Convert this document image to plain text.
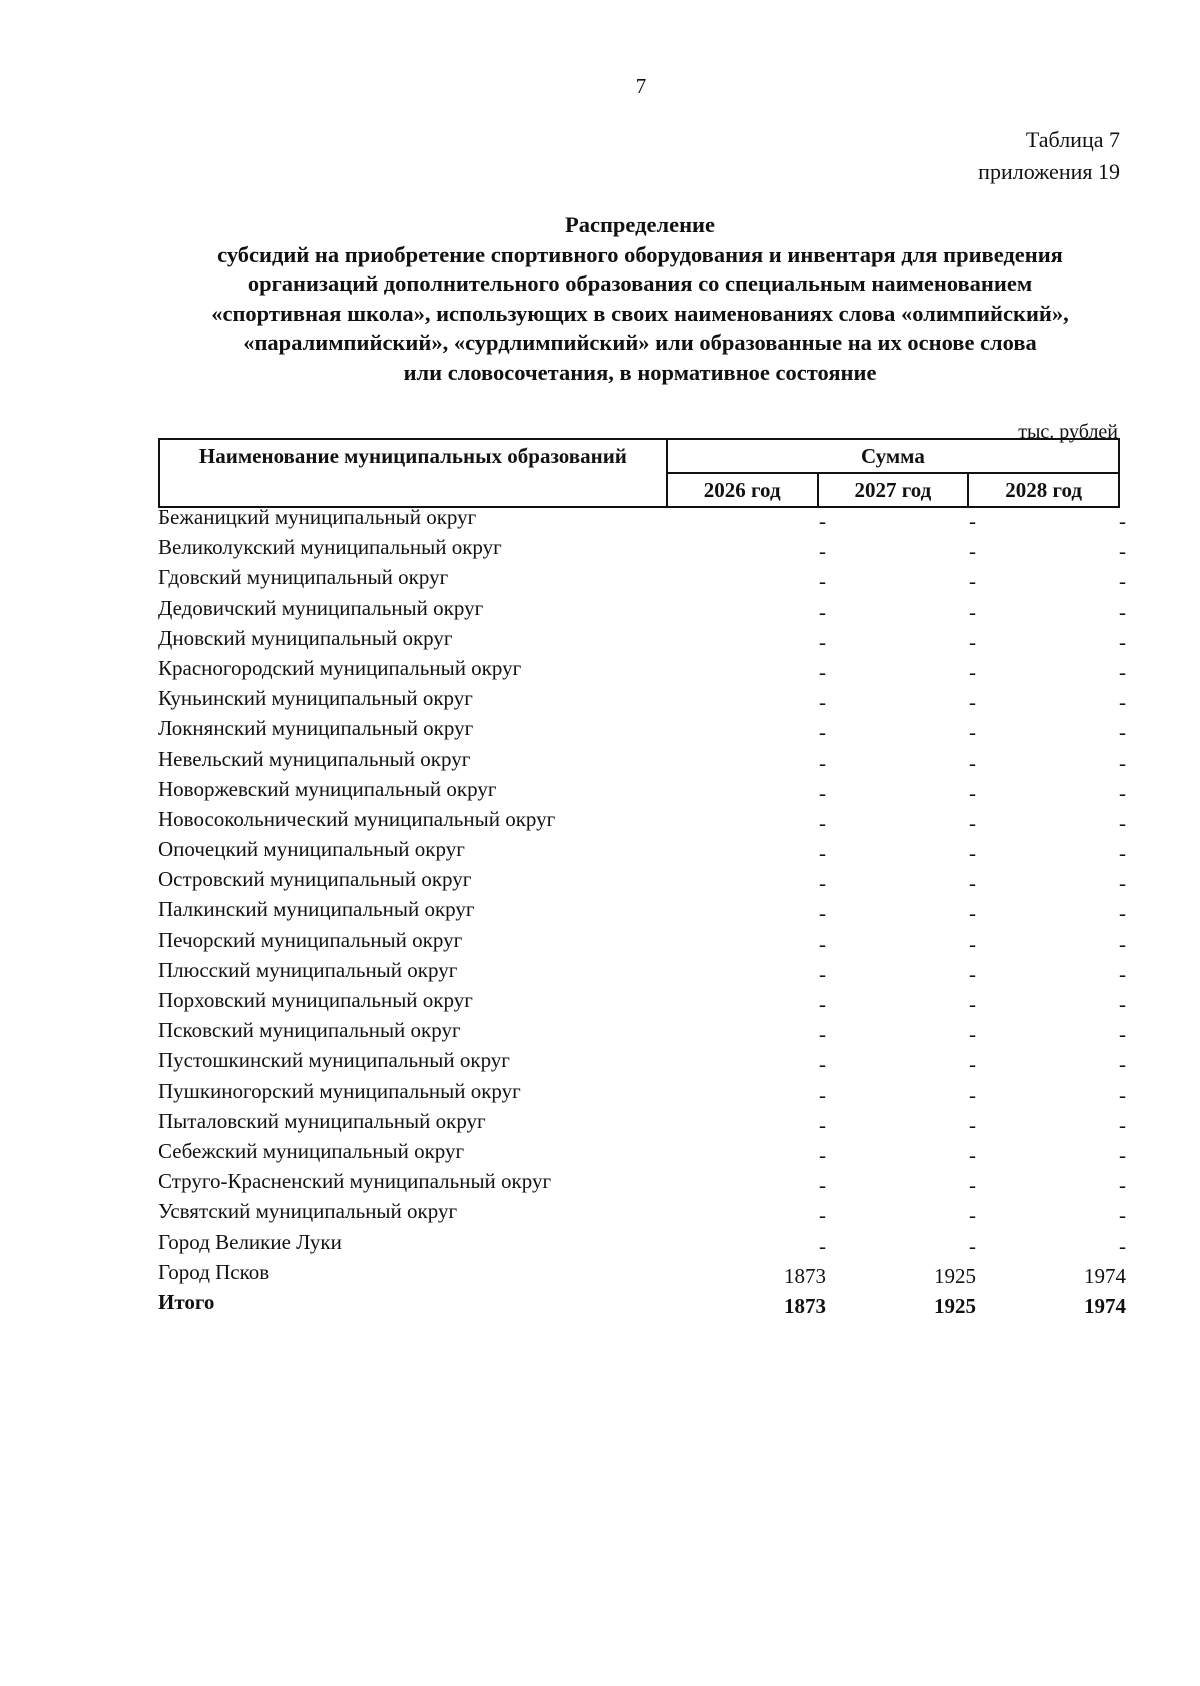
7
Таблица 7
приложения 19
Распределение
субсидий на приобретение спортивного оборудования и инвентаря для приведения
организаций дополнительного образования со специальным наименованием
«спортивная школа», использующих в своих наименованиях слова «олимпийский»,
«паралимпийский», «сурдлимпийский» или образованные на их основе слова
или словосочетания, в нормативное состояние
тыс. рублей
Наименование муниципальных образований	Сумма		
	2026 год	2027 год	2028 год
Бежаницкий муниципальный округ	-	-	-
Великолукский муниципальный округ	-	-	-
Гдовский муниципальный округ	-	-	-
Дедовичский муниципальный округ	-	-	-
Дновский муниципальный округ	-	-	-
Красногородский муниципальный округ	-	-	-
Куньинский муниципальный округ	-	-	-
Локнянский муниципальный округ	-	-	-
Невельский муниципальный округ	-	-	-
Новоржевский муниципальный округ	-	-	-
Новосокольнический муниципальный округ	-	-	-
Опочецкий муниципальный округ	-	-	-
Островский муниципальный округ	-	-	-
Палкинский муниципальный округ	-	-	-
Печорский муниципальный округ	-	-	-
Плюсский муниципальный округ	-	-	-
Порховский муниципальный округ	-	-	-
Псковский муниципальный округ	-	-	-
Пустошкинский муниципальный округ	-	-	-
Пушкиногорский муниципальный округ	-	-	-
Пыталовский муниципальный округ	-	-	-
Себежский муниципальный округ	-	-	-
Струго-Красненский муниципальный округ	-	-	-
Усвятский муниципальный округ	-	-	-
Город Великие Луки	-	-	-
Город Псков	1873	1925	1974
Итого	1873	1925	1974
